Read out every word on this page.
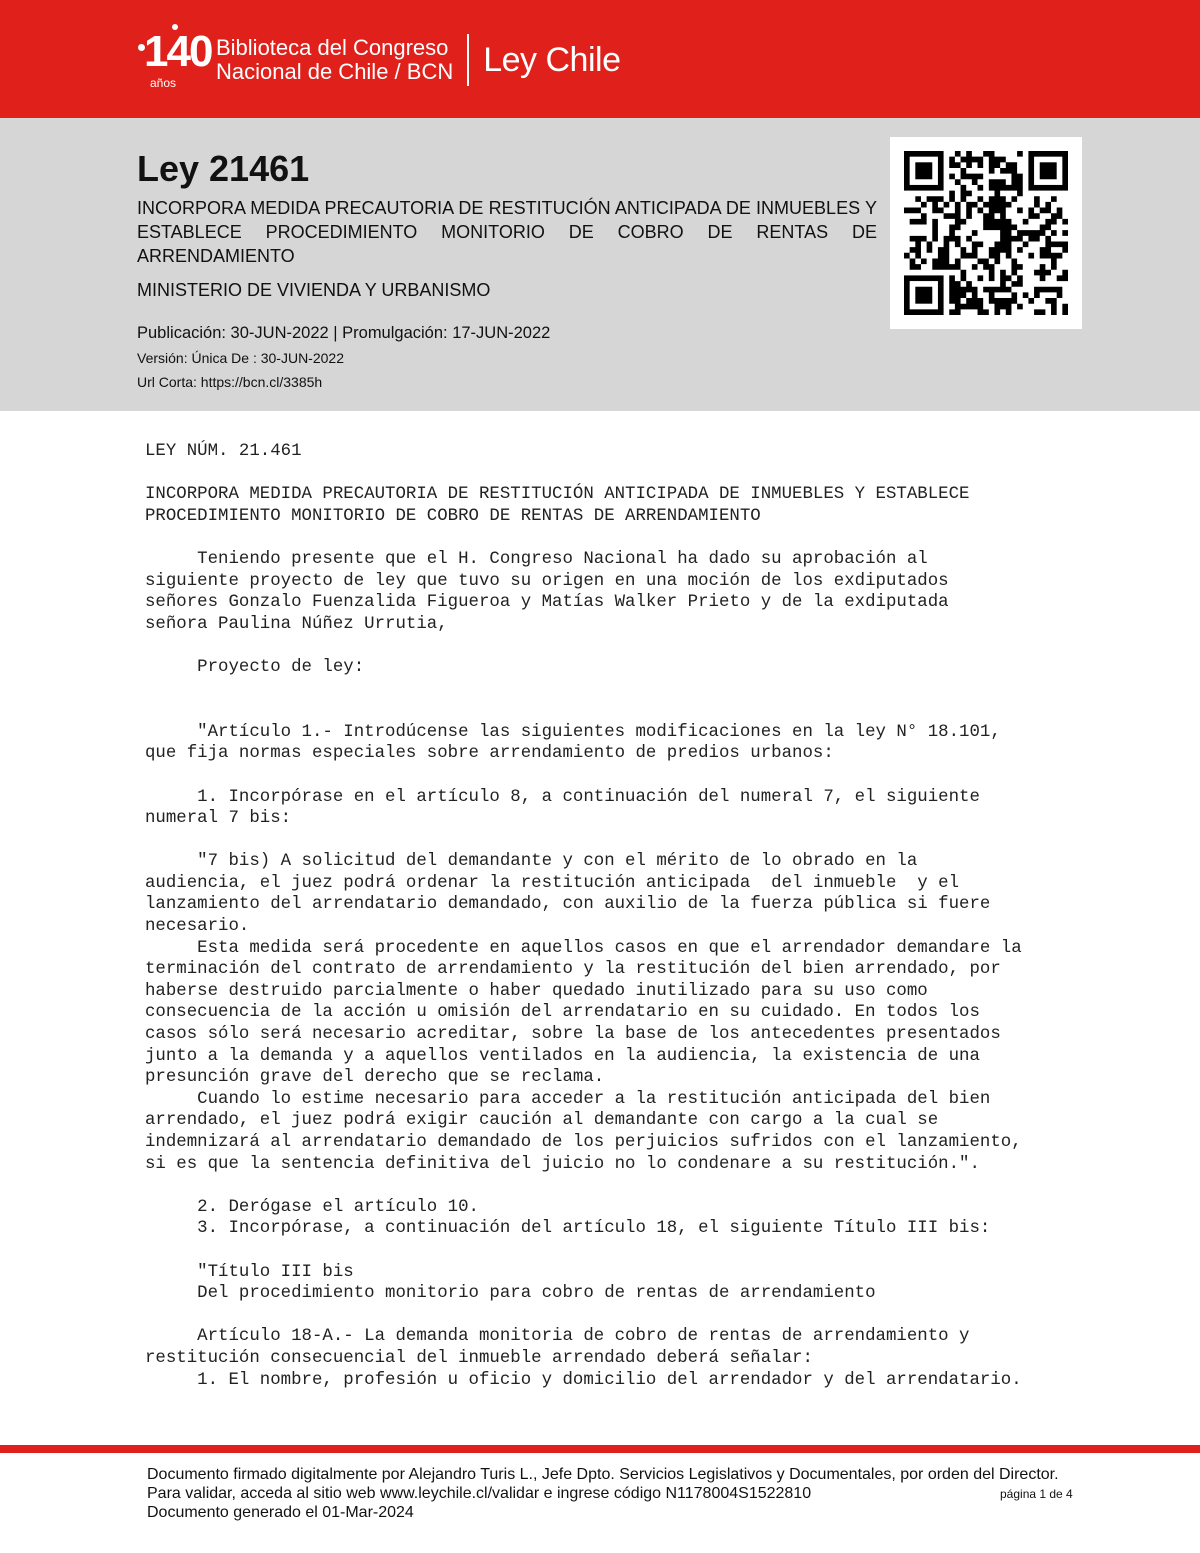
140
años
Biblioteca del Congreso
Nacional de Chile / BCN Ley Chile
Ley 21461

INCORPORA MEDIDA PRECAUTORIA DE RESTITUCIÓN ANTICIPADA DE INMUEBLES Y ESTABLECE PROCEDIMIENTO MONITORIO DE COBRO DE RENTAS DE ARRENDAMIENTO

MINISTERIO DE VIVIENDA Y URBANISMO
Publicación: 30-JUN-2022 | Promulgación: 17-JUN-2022
Versión: Única De : 30-JUN-2022
Url Corta: https://bcn.cl/3385h
LEY NÚM. 21.461
INCORPORA MEDIDA PRECAUTORIA DE RESTITUCIÓN ANTICIPADA DE INMUEBLES Y ESTABLECE
PROCEDIMIENTO MONITORIO DE COBRO DE RENTAS DE ARRENDAMIENTO
Teniendo presente que el H. Congreso Nacional ha dado su aprobación al
siguiente proyecto de ley que tuvo su origen en una moción de los exdiputados
señores Gonzalo Fuenzalida Figueroa y Matías Walker Prieto y de la exdiputada
señora Paulina Núñez Urrutia,
Proyecto de ley:
"Artículo 1.- Introdúcense las siguientes modificaciones en la ley N° 18.101,
que fija normas especiales sobre arrendamiento de predios urbanos:
1. Incorpórase en el artículo 8, a continuación del numeral 7, el siguiente
numeral 7 bis:
"7 bis) A solicitud del demandante y con el mérito de lo obrado en la
audiencia, el juez podrá ordenar la restitución anticipada  del inmueble  y el
lanzamiento del arrendatario demandado, con auxilio de la fuerza pública si fuere
necesario.
Esta medida será procedente en aquellos casos en que el arrendador demandare la
terminación del contrato de arrendamiento y la restitución del bien arrendado, por
haberse destruido parcialmente o haber quedado inutilizado para su uso como
consecuencia de la acción u omisión del arrendatario en su cuidado. En todos los
casos sólo será necesario acreditar, sobre la base de los antecedentes presentados
junto a la demanda y a aquellos ventilados en la audiencia, la existencia de una
presunción grave del derecho que se reclama.
Cuando lo estime necesario para acceder a la restitución anticipada del bien
arrendado, el juez podrá exigir caución al demandante con cargo a la cual se
indemnizará al arrendatario demandado de los perjuicios sufridos con el lanzamiento,
si es que la sentencia definitiva del juicio no lo condenare a su restitución.".
2. Derógase el artículo 10.
3. Incorpórase, a continuación del artículo 18, el siguiente Título III bis:
"Título III bis
Del procedimiento monitorio para cobro de rentas de arrendamiento
Artículo 18-A.- La demanda monitoria de cobro de rentas de arrendamiento y
restitución consecuencial del inmueble arrendado deberá señalar:
1. El nombre, profesión u oficio y domicilio del arrendador y del arrendatario.
Documento firmado digitalmente por Alejandro Turis L., Jefe Dpto. Servicios Legislativos y Documentales, por orden del Director.
Para validar, acceda al sitio web www.leychile.cl/validar e ingrese código N1178004S1522810
Documento generado el 01-Mar-2024
página 1 de 4
